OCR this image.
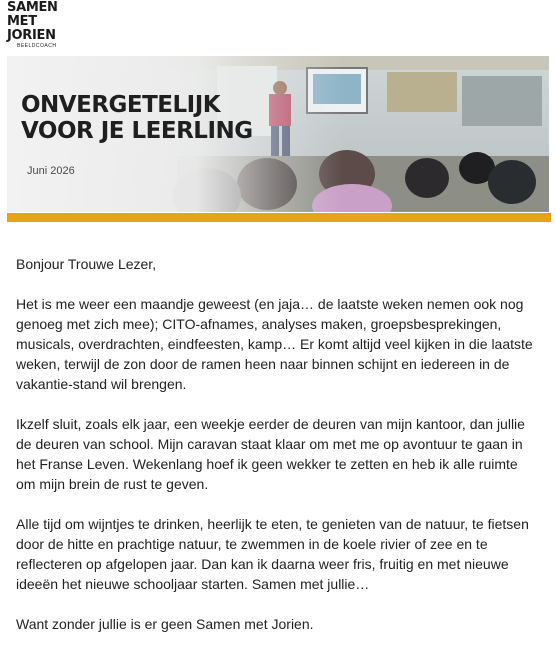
SAMEN
MET
JORIEN
BEELDCOACH
ONVERGETELIJK
VOOR JE LEERLING
Juni 2026

Bonjour Trouwe Lezer,

Het is me weer een maandje geweest (en jaja… de laatste weken nemen ook nog genoeg met zich mee); CITO-afnames, analyses maken, groepsbesprekingen, musicals, overdrachten, eindfeesten, kamp… Er komt altijd veel kijken in die laatste weken, terwijl de zon door de ramen heen naar binnen schijnt en iedereen in de vakantie-stand wil brengen.

Ikzelf sluit, zoals elk jaar, een weekje eerder de deuren van mijn kantoor, dan jullie de deuren van school. Mijn caravan staat klaar om met me op avontuur te gaan in het Franse Leven. Wekenlang hoef ik geen wekker te zetten en heb ik alle ruimte om mijn brein de rust te geven.

Alle tijd om wijntjes te drinken, heerlijk te eten, te genieten van de natuur, te fietsen door de hitte en prachtige natuur, te zwemmen in de koele rivier of zee en te reflecteren op afgelopen jaar. Dan kan ik daarna weer fris, fruitig en met nieuwe ideeën het nieuwe schooljaar starten. Samen met jullie…

Want zonder jullie is er geen Samen met Jorien.
